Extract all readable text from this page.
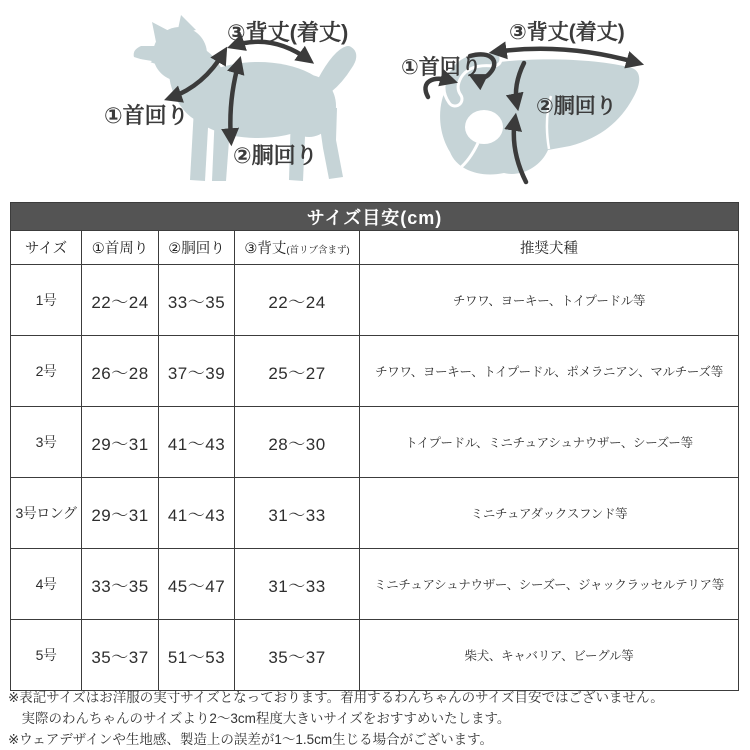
③背丈(着丈)
①首回り
②胴回り
③背丈(着丈)
①首回り
②胴回り
サイズ目安(cm)
サイズ	①首周り	②胴回り	③背丈 (首リブ含まず)	推奨犬種
1号	22〜24	33〜35	22〜24	チワワ、ヨーキー、トイプードル等
2号	26〜28	37〜39	25〜27	チワワ、ヨーキー、トイプードル、ポメラニアン、マルチーズ等
3号	29〜31	41〜43	28〜30	トイプードル、ミニチュアシュナウザー、シーズー等
3号ロング 29〜31	41〜43	31〜33	ミニチュアダックスフンド等
4号	33〜35	45〜47	31〜33	ミニチュアシュナウザー、シーズー、ジャックラッセルテリア等
5号	35〜37	51〜53	35〜37	柴犬、キャバリア、ビーグル等
※表記サイズはお洋服の実寸サイズとなっております。着用するわんちゃんのサイズ目安ではございません。
実際のわんちゃんのサイズより2〜3cm程度大きいサイズをおすすめいたします。
※ウェアデザインや生地感、製造上の誤差が1〜1.5cm生じる場合がございます。
